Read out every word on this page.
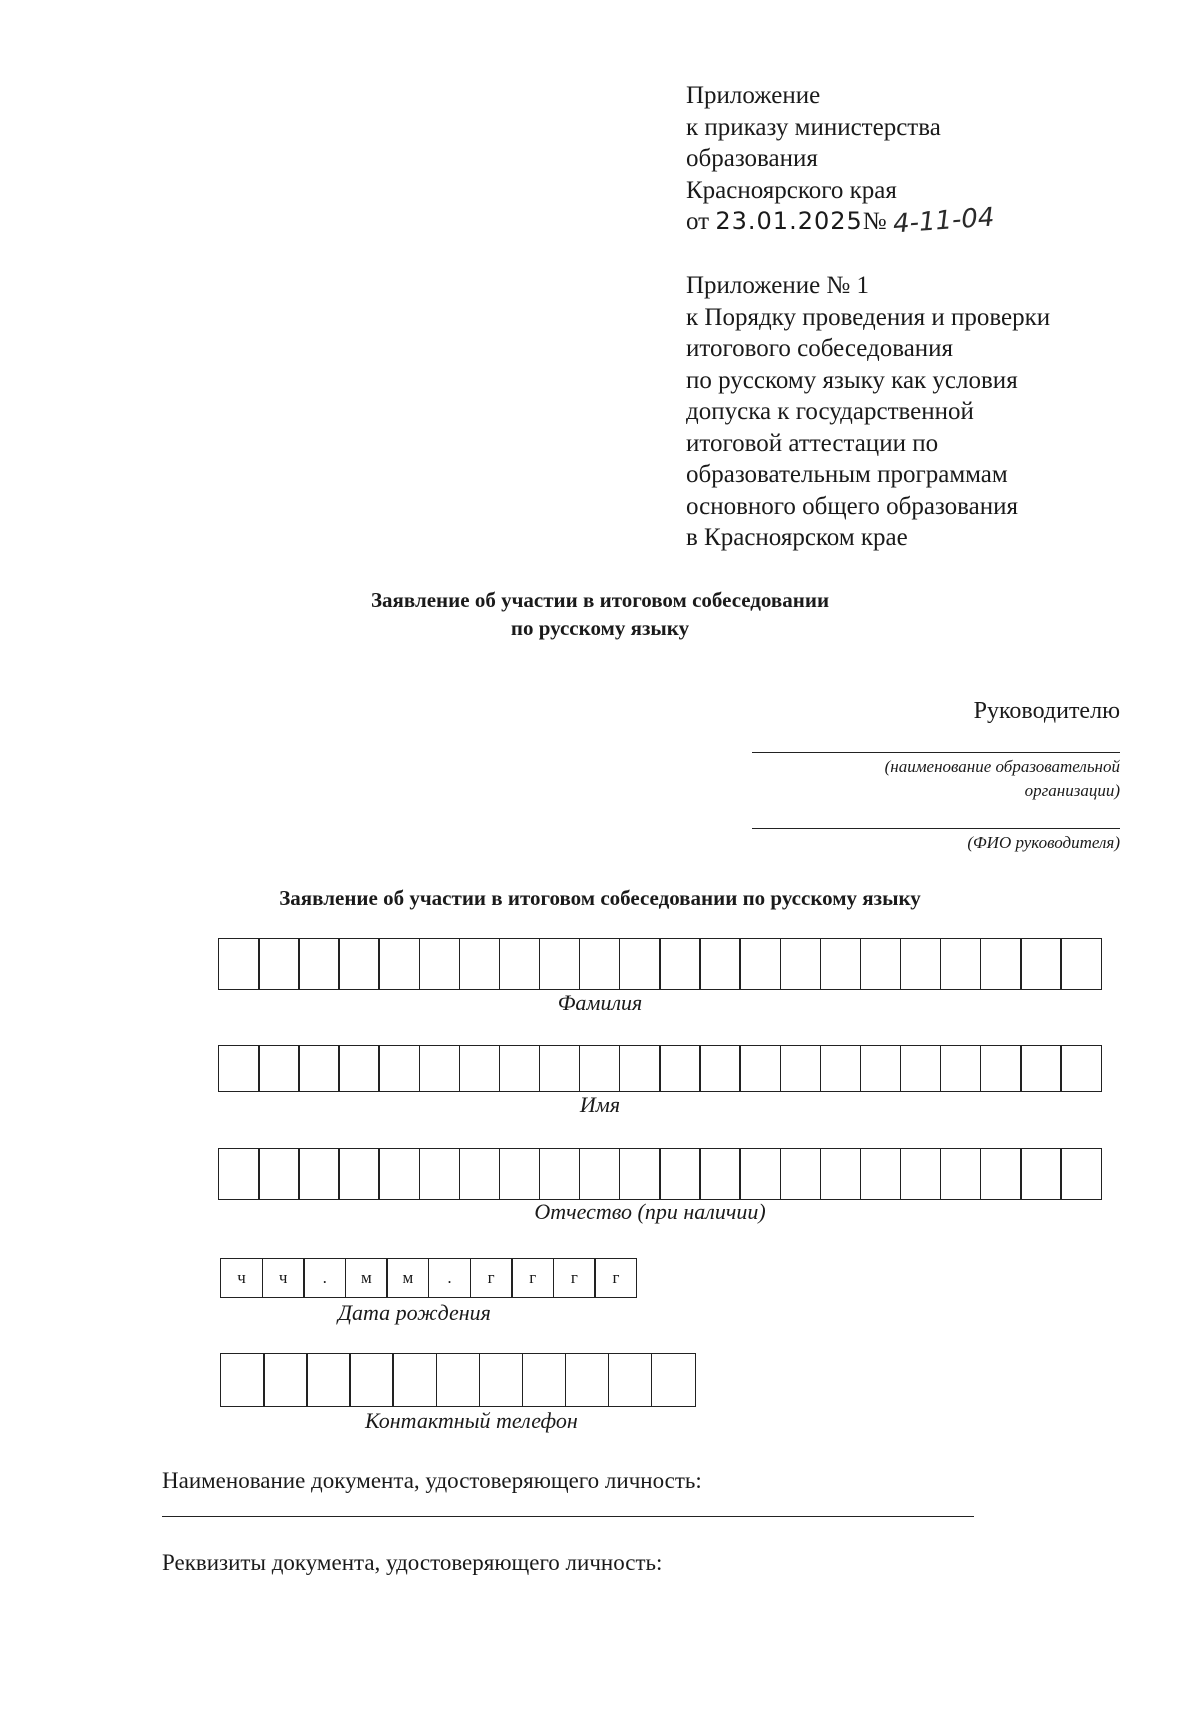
Приложение
к приказу министерства
образования
Красноярского края
от 23.01.2025№ 4-11-04
Приложение № 1
к Порядку проведения и проверки
итогового собеседования
по русскому языку как условия
допуска к государственной
итоговой аттестации по
образовательным программам
основного общего образования
в Красноярском крае
Заявление об участии в итоговом собеседовании
по русскому языку
Руководителю
(наименование образовательной
организации)
(ФИО руководителя)
Заявление об участии в итоговом собеседовании по русскому языку
Фамилия
Имя
Отчество (при наличии)
ч	ч	.	м	м	.	г	г	г	г
Дата рождения
Контактный телефон
Наименование документа, удостоверяющего личность:
Реквизиты документа, удостоверяющего личность:
